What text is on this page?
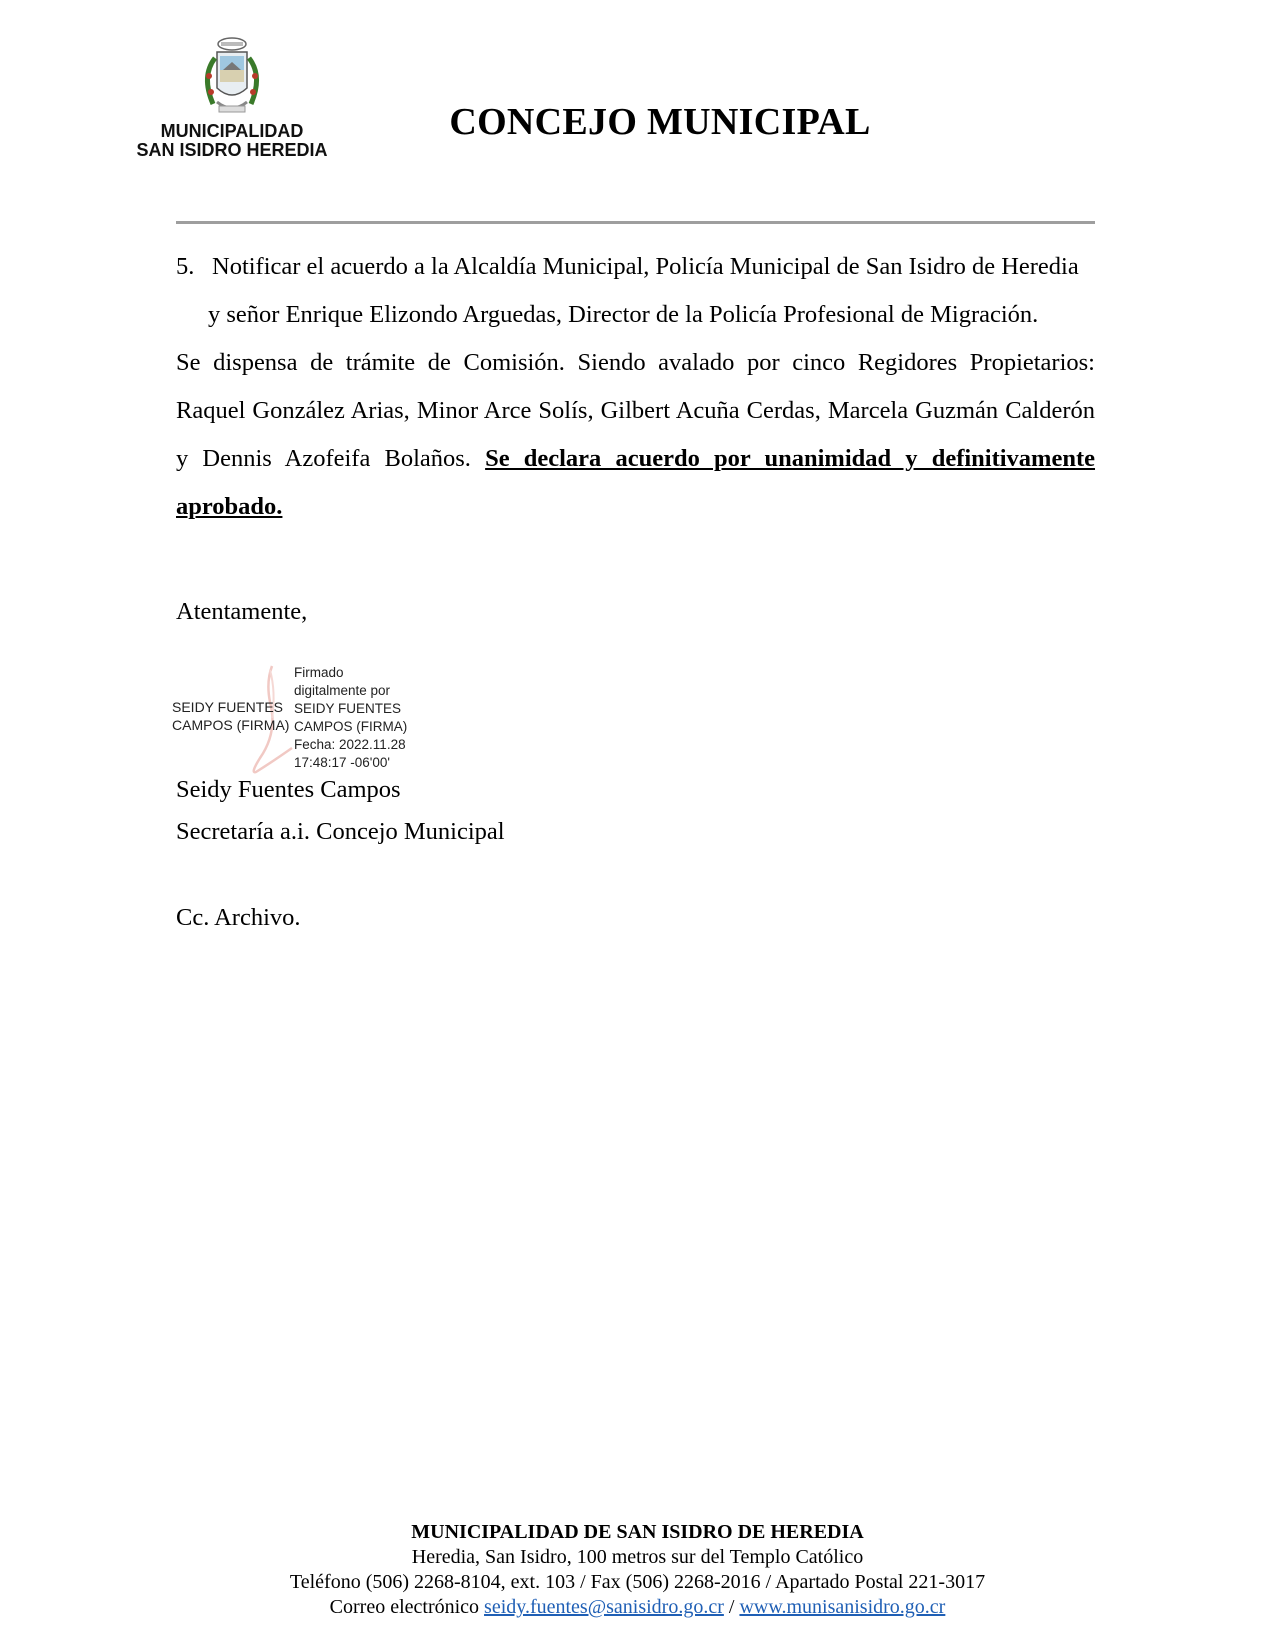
MUNICIPALIDAD
SAN ISIDRO HEREDIA
CONCEJO MUNICIPAL
5. Notificar el acuerdo a la Alcaldía Municipal, Policía Municipal de San Isidro de Heredia
y señor Enrique Elizondo Arguedas, Director de la Policía Profesional de Migración.
Se dispensa de trámite de Comisión. Siendo avalado por cinco Regidores Propietarios: Raquel González Arias, Minor Arce Solís, Gilbert Acuña Cerdas, Marcela Guzmán Calderón y Dennis Azofeifa Bolaños. Se declara acuerdo por unanimidad y definitivamente aprobado.
Atentamente,
SEIDY FUENTES
CAMPOS (FIRMA)
Firmado
digitalmente por
SEIDY FUENTES
CAMPOS (FIRMA)
Fecha: 2022.11.28
17:48:17 -06'00'
Seidy Fuentes Campos
Secretaría a.i. Concejo Municipal
Cc. Archivo.
MUNICIPALIDAD DE SAN ISIDRO DE HEREDIA
Heredia, San Isidro, 100 metros sur del Templo Católico
Teléfono (506) 2268-8104, ext. 103 / Fax (506) 2268-2016 / Apartado Postal 221-3017
Correo electrónico seidy.fuentes@sanisidro.go.cr / www.munisanisidro.go.cr
